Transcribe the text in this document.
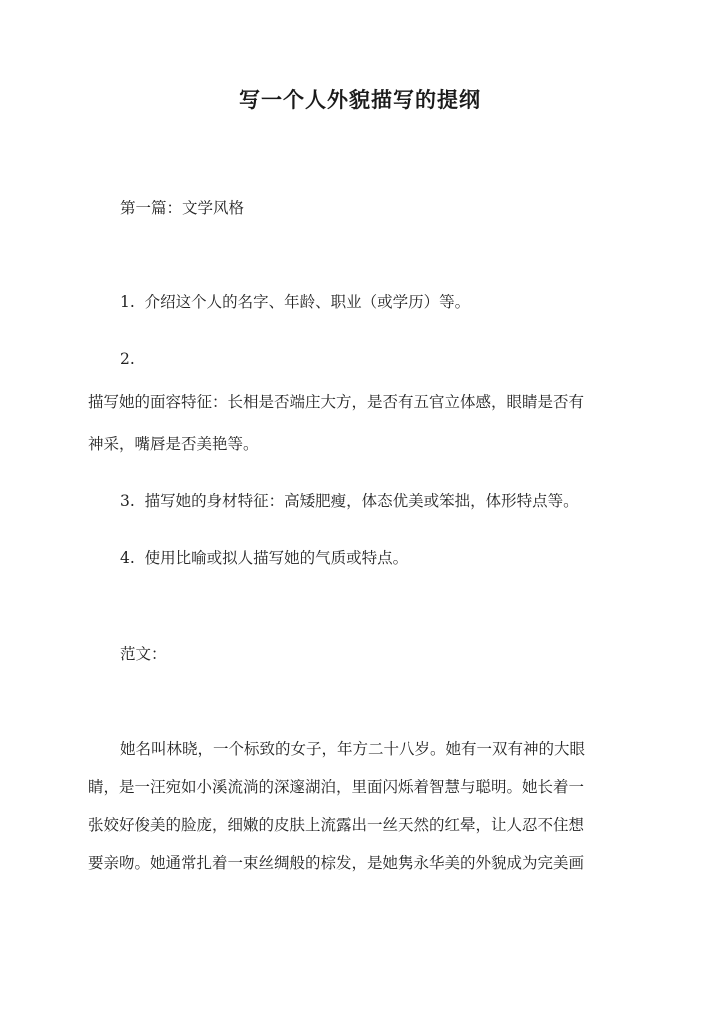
写一个人外貌描写的提纲
第一篇：文学风格
1. 介绍这个人的名字、年龄、职业（或学历）等。
2.
描写她的面容特征：长相是否端庄大方，是否有五官立体感，眼睛是否有
神采，嘴唇是否美艳等。
3. 描写她的身材特征：高矮肥瘦，体态优美或笨拙，体形特点等。
4. 使用比喻或拟人描写她的气质或特点。
范文：
她名叫林晓，一个标致的女子，年方二十八岁。她有一双有神的大眼
睛，是一汪宛如小溪流淌的深邃湖泊，里面闪烁着智慧与聪明。她长着一
张姣好俊美的脸庞，细嫩的皮肤上流露出一丝天然的红晕，让人忍不住想
要亲吻。她通常扎着一束丝绸般的棕发，是她隽永华美的外貌成为完美画
